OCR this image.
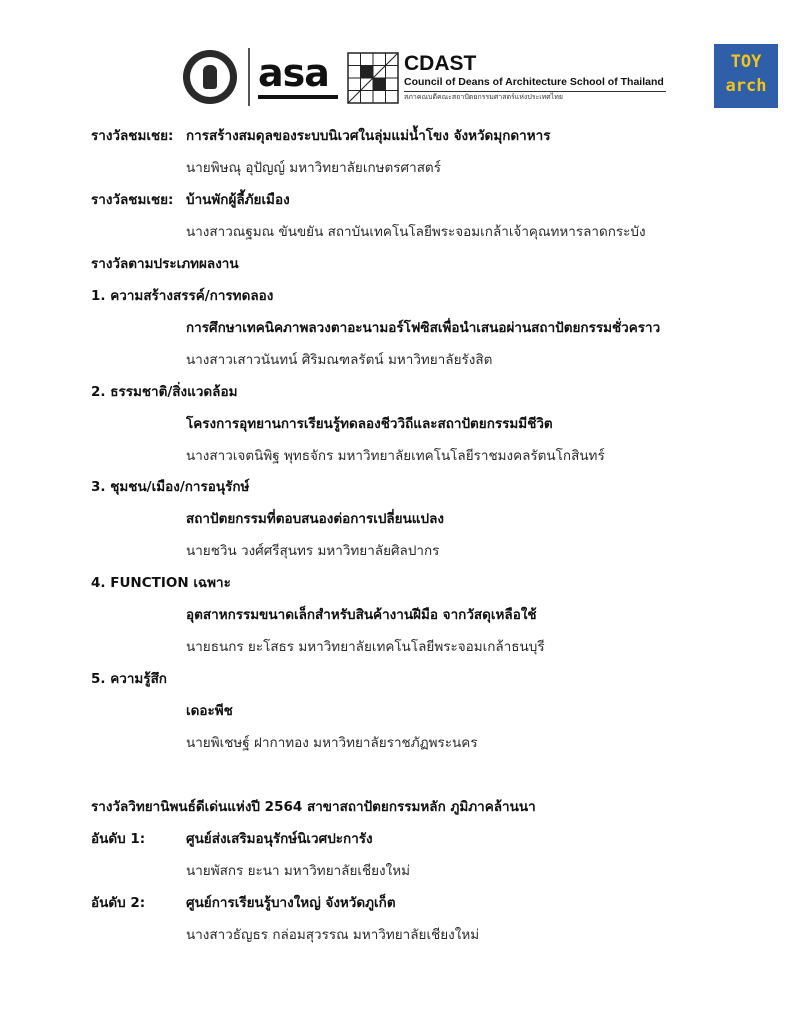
asa	CDAST
Council of Deans of Architecture School of Thailand
สภาคณบดีคณะสถาปัตยกรรมศาสตร์แห่งประเทศไทย
TOY
arch
รางวัลชมเชย: การสร้างสมดุลของระบบนิเวศในลุ่มแม่น้ำโขง จังหวัดมุกดาหาร
นายพิษณุ อุปัญญ์ มหาวิทยาลัยเกษตรศาสตร์
รางวัลชมเชย: บ้านพักผู้ลี้ภัยเมือง
นางสาวณฐมณ ขันขยัน สถาบันเทคโนโลยีพระจอมเกล้าเจ้าคุณทหารลาดกระบัง
รางวัลตามประเภทผลงาน
1. ความสร้างสรรค์/การทดลอง
การศึกษาเทคนิคภาพลวงตาอะนามอร์โฟซิสเพื่อนำเสนอผ่านสถาปัตยกรรมชั่วคราว
นางสาวเสาวนันทน์ ศิริมณฑลรัตน์ มหาวิทยาลัยรังสิต
2. ธรรมชาติ/สิ่งแวดล้อม
โครงการอุทยานการเรียนรู้ทดลองชีววิถีและสถาปัตยกรรมมีชีวิต
นางสาวเจตนิพิฐ พุทธจักร มหาวิทยาลัยเทคโนโลยีราชมงคลรัตนโกสินทร์
3. ชุมชน/เมือง/การอนุรักษ์
สถาปัตยกรรมที่ตอบสนองต่อการเปลี่ยนแปลง
นายชวิน วงศ์ศรีสุนทร มหาวิทยาลัยศิลปากร
4. FUNCTION เฉพาะ
อุตสาหกรรมขนาดเล็กสำหรับสินค้างานฝีมือ จากวัสดุเหลือใช้
นายธนกร ยะโสธร มหาวิทยาลัยเทคโนโลยีพระจอมเกล้าธนบุรี
5. ความรู้สึก
เดอะพีช
นายพิเชษฐ์ ฝากาทอง มหาวิทยาลัยราชภัฏพระนคร
รางวัลวิทยานิพนธ์ดีเด่นแห่งปี 2564 สาขาสถาปัตยกรรมหลัก ภูมิภาคล้านนา
อันดับ 1:	ศูนย์ส่งเสริมอนุรักษ์นิเวศปะการัง
นายพัสกร ยะนา มหาวิทยาลัยเชียงใหม่
อันดับ 2:	ศูนย์การเรียนรู้บางใหญ่ จังหวัดภูเก็ต
นางสาวธัญธร กล่อมสุวรรณ มหาวิทยาลัยเชียงใหม่
